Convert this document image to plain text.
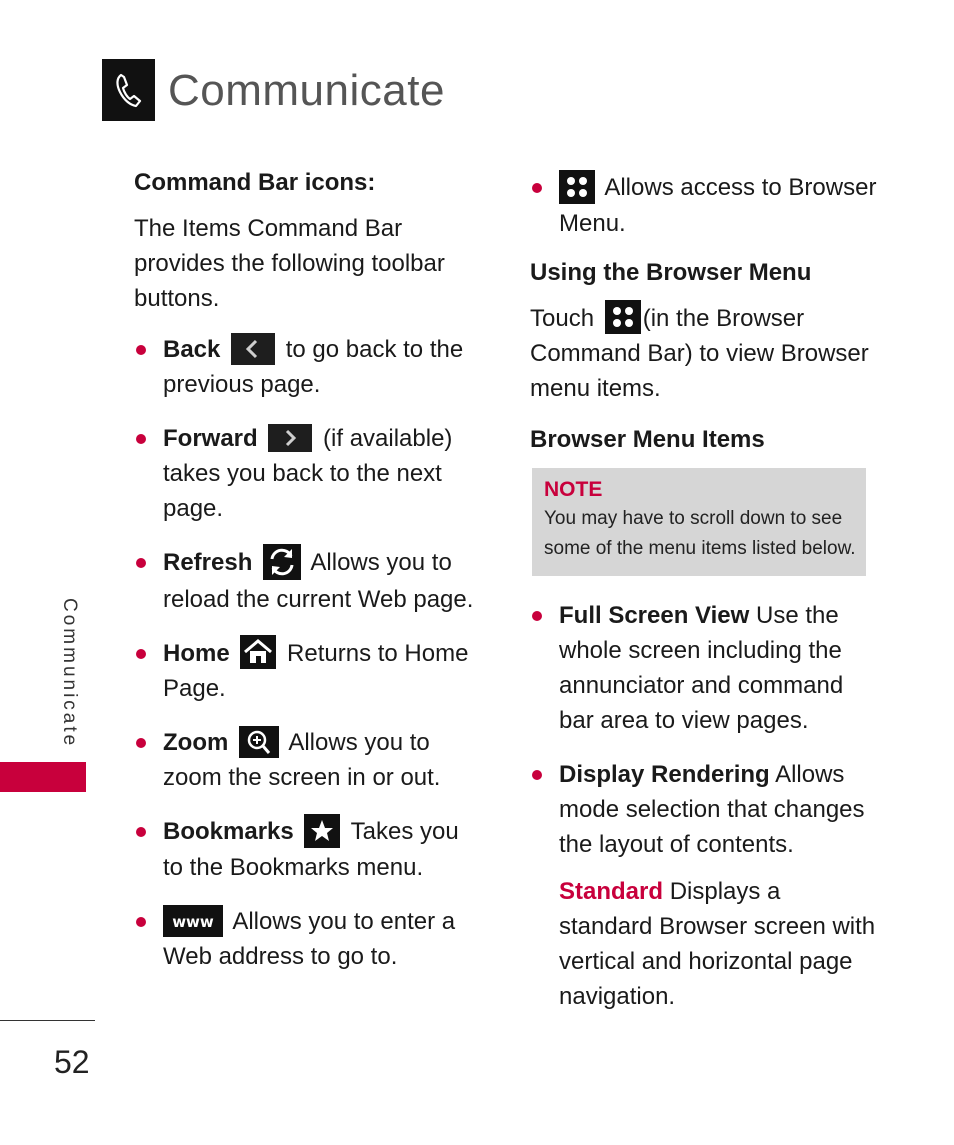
Communicate
Communicate
52
Command Bar icons:
The Items Command Bar provides the following toolbar buttons.
Back	to go back to the previous page.
Forward	(if available) takes you back to the next page.
Refresh Allows you to reload the current Web page.
Home Returns to Home Page.
Zoom	Allows you to zoom the screen in or out.
Bookmarks Takes you to the Bookmarks menu.
www Allows you to enter a Web address to go to.
Allows access to Browser Menu.
Using the Browser Menu
Touch (in the Browser Command Bar) to view Browser menu items.
Browser Menu Items
NOTE
You may have to scroll down to see some of the menu items listed below.
Full Screen View Use the whole screen including the annunciator and command bar area to view pages.
Display Rendering Allows mode selection that changes the layout of contents.
Standard Displays a standard Browser screen with vertical and horizontal page navigation.
